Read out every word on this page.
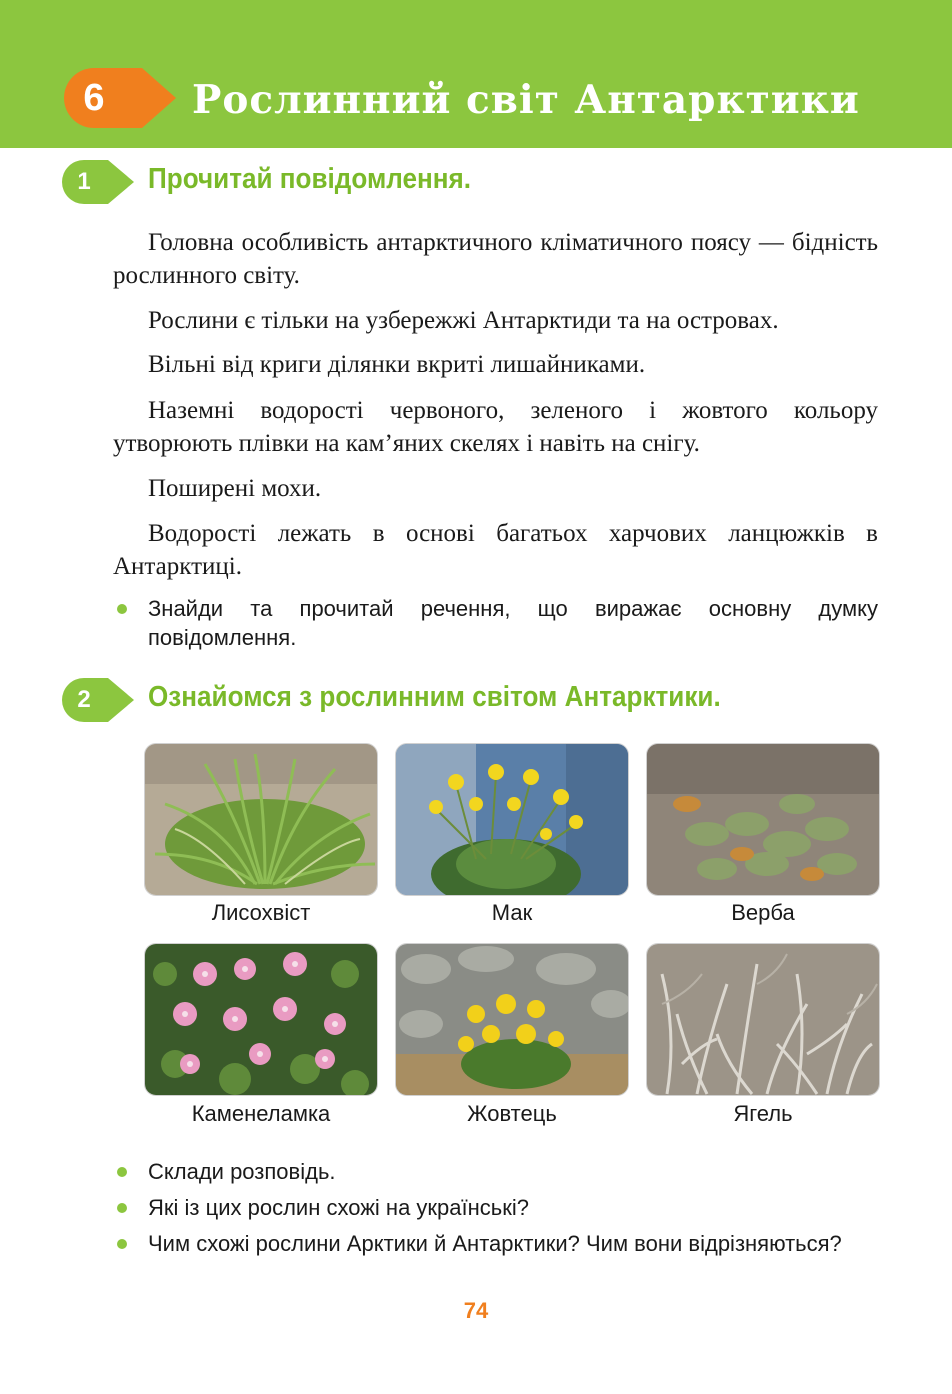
6	Рослинний світ Антарктики
1	Прочитай повідомлення.
Головна особливість антарктичного кліматичного поясу — бідність рослинного світу.
Рослини є тільки на узбережжі Антарктиди та на островах.
Вільні від криги ділянки вкриті лишайниками.
Наземні водорості червоного, зеленого і жовтого кольору утворюють плівки на кам’яних скелях і навіть на снігу.
Поширені мохи.
Водорості лежать в основі багатьох харчових ланцюжків в Антарктиці.
Знайди та прочитай речення, що виражає основну думку повідомлення.
2	Ознайомся з рослинним світом Антарктики.
Лисохвіст	Мак	Верба
Каменеламка	Жовтець	Ягель
Склади розповідь.
Які із цих рослин схожі на українські?
Чим схожі рослини Арктики й Антарктики? Чим вони відрізняються?
74
